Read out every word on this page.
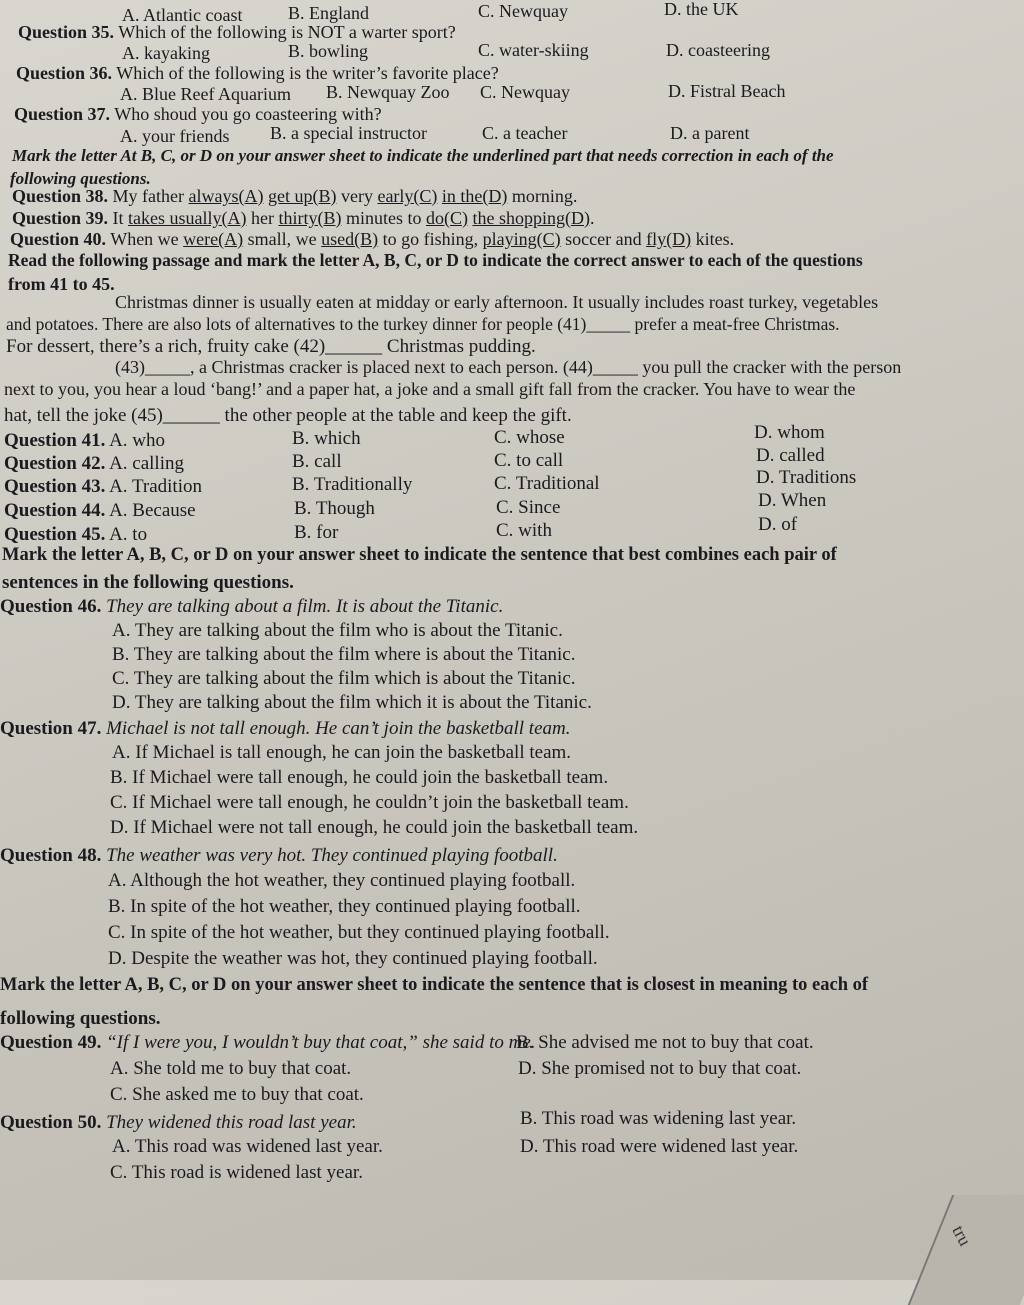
A. Atlantic coast	B. England	C. Newquay	D. the UK
Question 35. Which of the following is NOT a warter sport?
A. kayaking	B. bowling	C. water-skiing	D. coasteering
Question 36. Which of the following is the writer’s favorite place?
A. Blue Reef Aquarium B. Newquay Zoo C. Newquay	D. Fistral Beach
Question 37. Who shoud you go coasteering with?
A. your friends B. a special instructor	C. a teacher	D. a parent
Mark the letter At B, C, or D on your answer sheet to indicate the underlined part that needs correction in each of the
following questions.
Question 38. My father always(A) get up(B) very early(C) in the(D) morning.
Question 39. It takes usually(A) her thirty(B) minutes to do(C) the shopping(D).
Question 40. When we were(A) small, we used(B) to go fishing, playing(C) soccer and fly(D) kites.
Read the following passage and mark the letter A, B, C, or D to indicate the correct answer to each of the questions
from 41 to 45.
Christmas dinner is usually eaten at midday or early afternoon. It usually includes roast turkey, vegetables
and potatoes. There are also lots of alternatives to the turkey dinner for people (41)_____ prefer a meat-free Christmas.
For dessert, there’s a rich, fruity cake (42)______ Christmas pudding.
(43)_____, a Christmas cracker is placed next to each person. (44)_____ you pull the cracker with the person
next to you, you hear a loud ‘bang!’ and a paper hat, a joke and a small gift fall from the cracker. You have to wear the
hat, tell the joke (45)______ the other people at the table and keep the gift.
Question 41. A. who	B. which	C. whose	D. whom
Question 42. A. calling	B. call	C. to call	D. called
Question 43. A. Tradition	B. Traditionally	C. Traditional	D. Traditions
Question 44. A. Because	B. Though	C. Since	D. When
Question 45. A. to	B. for	C. with	D. of
Mark the letter A, B, C, or D on your answer sheet to indicate the sentence that best combines each pair of
sentences in the following questions.
Question 46. They are talking about a film. It is about the Titanic.
A. They are talking about the film who is about the Titanic.
B. They are talking about the film where is about the Titanic.
C. They are talking about the film which is about the Titanic.
D. They are talking about the film which it is about the Titanic.
Question 47. Michael is not tall enough. He can’t join the basketball team.
A. If Michael is tall enough, he can join the basketball team.
B. If Michael were tall enough, he could join the basketball team.
C. If Michael were tall enough, he couldn’t join the basketball team.
D. If Michael were not tall enough, he could join the basketball team.
Question 48. The weather was very hot. They continued playing football.
A. Although the hot weather, they continued playing football.
B. In spite of the hot weather, they continued playing football.
C. In spite of the hot weather, but they continued playing football.
D. Despite the weather was hot, they continued playing football.
Mark the letter A, B, C, or D on your answer sheet to indicate the sentence that is closest in meaning to each of
following questions.
Question 49. “If I were you, I wouldn’t buy that coat,” she said to me.
A. She told me to buy that coat.
B. She advised me not to buy that coat.
C. She asked me to buy that coat.
D. She promised not to buy that coat.
Question 50. They widened this road last year.
A. This road was widened last year.
B. This road was widening last year.
C. This road is widened last year.
D. This road were widened last year.
tru
